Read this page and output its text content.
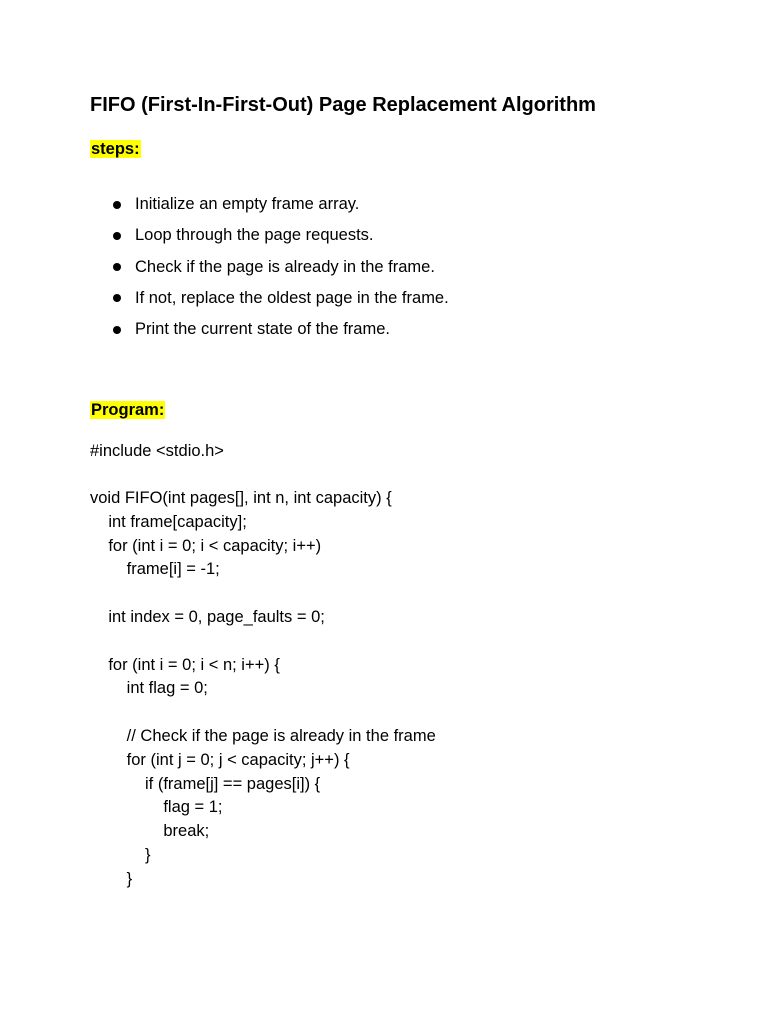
FIFO (First-In-First-Out) Page Replacement Algorithm

steps:

Initialize an empty frame array.
Loop through the page requests.
Check if the page is already in the frame.
If not, replace the oldest page in the frame.
Print the current state of the frame.

Program:

#include <stdio.h>
void FIFO(int pages[], int n, int capacity) {
int frame[capacity];
for (int i = 0; i < capacity; i++)
frame[i] = -1;
int index = 0, page_faults = 0;
for (int i = 0; i < n; i++) {
int flag = 0;
// Check if the page is already in the frame
for (int j = 0; j < capacity; j++) {
if (frame[j] == pages[i]) {
flag = 1;
break;
}
}
